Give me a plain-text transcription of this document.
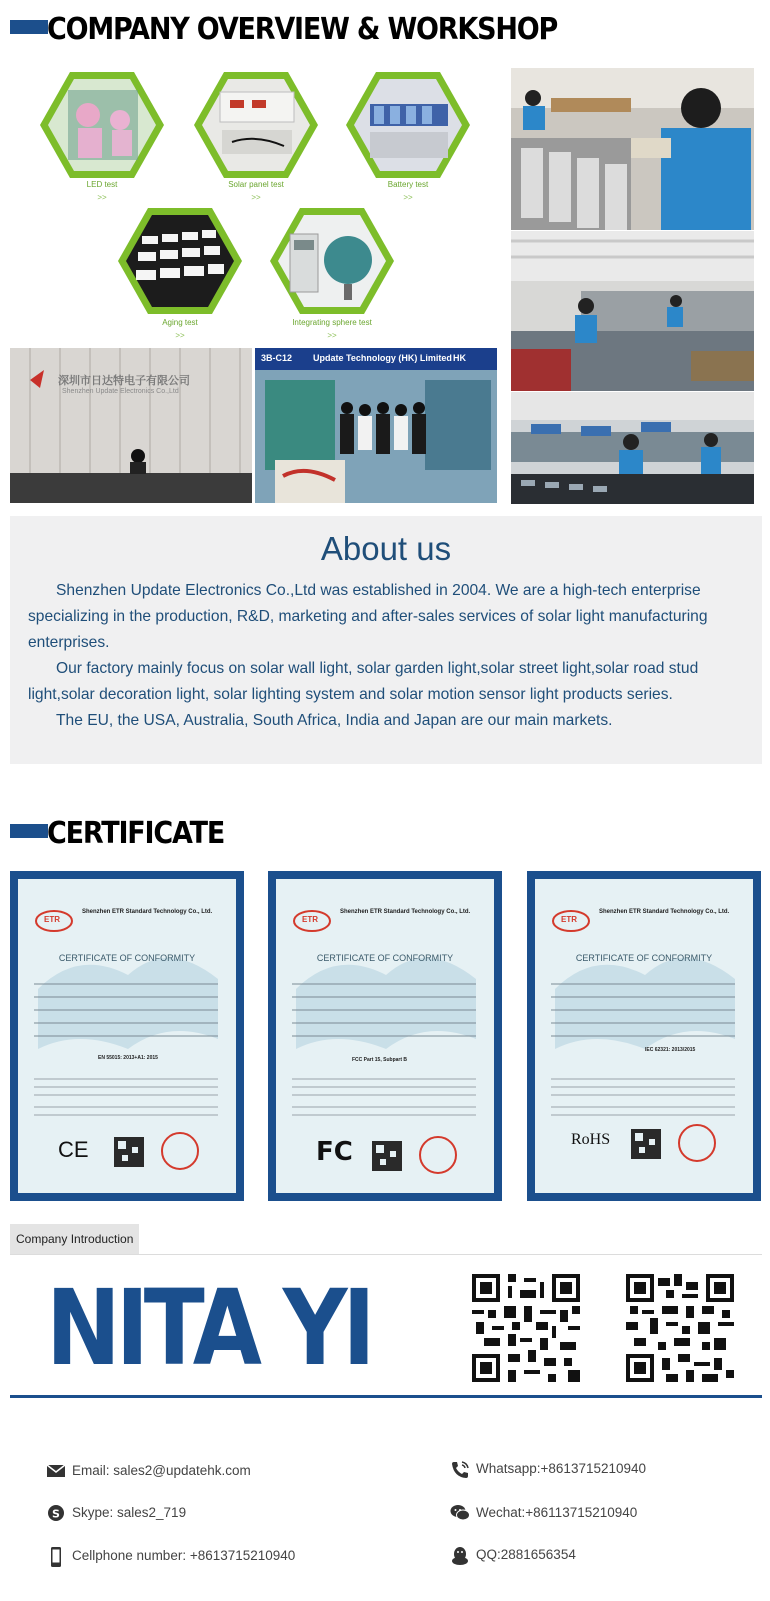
COMPANY OVERVIEW & WORKSHOP
LED test
>>
Solar panel test
>>
Battery test
>>
Aging test
>>
Integrating sphere test
>>
深圳市日达特电子有限公司
Shenzhen Update Electronics Co.,Ltd
3B-C12 Update Technology (HK) Limited HK
About us
Shenzhen Update Electronics Co.,Ltd was established in 2004. We are a high-tech enterprise specializing in the production, R&D, marketing and after-sales services of solar light manufacturing enterprises.
Our factory mainly focus on solar wall light, solar garden light,solar street light,solar road stud light,solar decoration light, solar lighting system and solar motion sensor light products series.
The EU, the USA, Australia, South Africa, India and Japan are our main markets.
CERTIFICATE
ETR
Shenzhen ETR Standard Technology Co., Ltd.
CERTIFICATE OF CONFORMITY
EN 55015: 2013+A1: 2015
CE
ETR
Shenzhen ETR Standard Technology Co., Ltd.
CERTIFICATE OF CONFORMITY
FCC Part 15, Subpart B
FC
ETR
Shenzhen ETR Standard Technology Co., Ltd.
CERTIFICATE OF CONFORMITY
IEC 62321: 2013/2015
RoHS
Company Introduction
NITA YI
Email: sales2@updatehk.com
S Skype: sales2_719
Cellphone number: +8613715210940
Whatsapp:+8613715210940
Wechat:+86113715210940
QQ:2881656354
